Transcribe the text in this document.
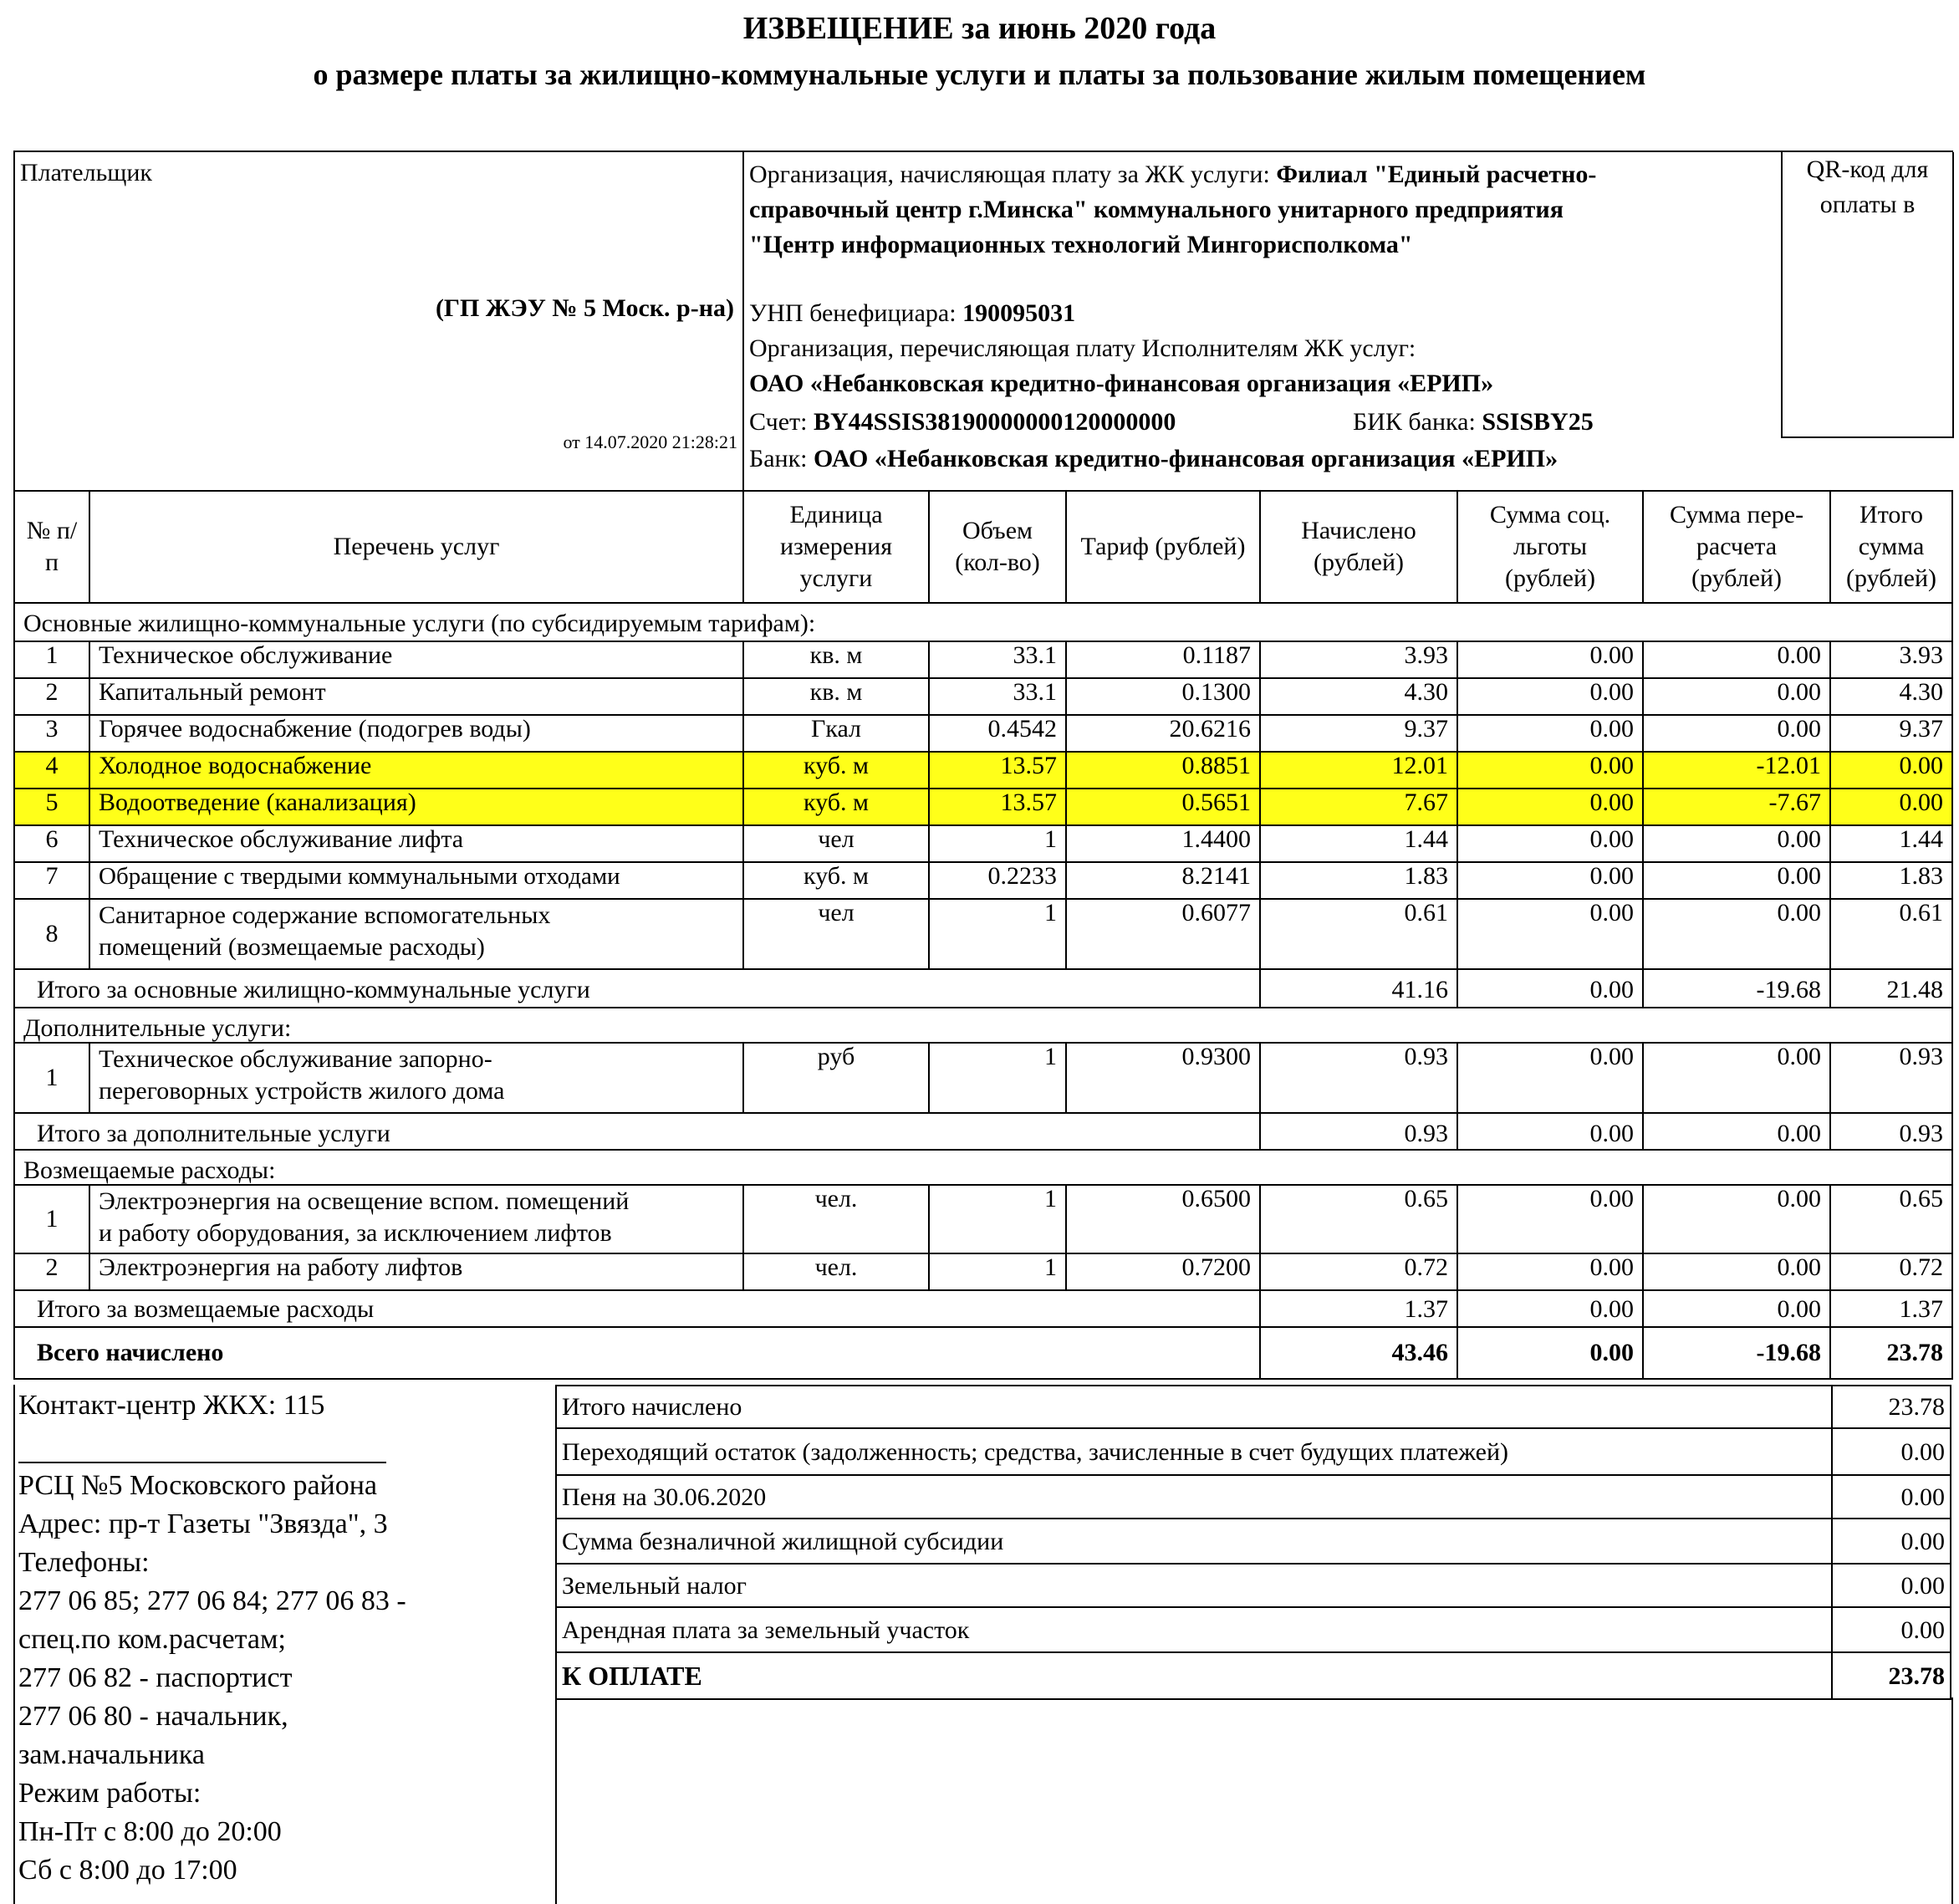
ИЗВЕЩЕНИЕ за июнь 2020 года
о размере платы за жилищно-коммунальные услуги и платы за пользование жилым помещением
Плательщик
(ГП ЖЭУ № 5 Моск. р-на)
от 14.07.2020 21:28:21
Организация, начисляющая плату за ЖК услуги: Филиал "Единый расчетно-
справочный центр г.Минска" коммунального унитарного предприятия
"Центр информационных технологий Мингорисполкома"
УНП бенефициара: 190095031
Организация, перечисляющая плату Исполнителям ЖК услуг:
ОАО «Небанковская кредитно-финансовая организация «ЕРИП»
Счет: BY44SSIS38190000000120000000	БИК банка: SSISBY25
Банк: ОАО «Небанковская кредитно-финансовая организация «ЕРИП»
QR-код для
оплаты в
№ п/п	Перечень услуг	Единица измерения услуги	Объем (кол-во)	Тариф (рублей)	Начислено (рублей)	Сумма соц. льготы (рублей)	Сумма пере-расчета (рублей)	Итого сумма (рублей)
Основные жилищно-коммунальные услуги (по субсидируемым тарифам):								
1	Техническое обслуживание	кв. м	33.1	0.1187	3.93	0.00	0.00	3.93
2	Капитальный ремонт	кв. м	33.1	0.1300	4.30	0.00	0.00	4.30
3	Горячее водоснабжение (подогрев воды)	Гкал	0.4542	20.6216	9.37	0.00	0.00	9.37
4	Холодное водоснабжение	куб. м	13.57	0.8851	12.01	0.00	-12.01	0.00
5	Водоотведение (канализация)	куб. м	13.57	0.5651	7.67	0.00	-7.67	0.00
6	Техническое обслуживание лифта	чел	1	1.4400	1.44	0.00	0.00	1.44
7	Обращение с твердыми коммунальными отходами	куб. м	0.2233	8.2141	1.83	0.00	0.00	1.83
8	Санитарное содержание вспомогательных
помещений (возмещаемые расходы)	чел	1	0.6077	0.61	0.00	0.00	0.61
Итого за основные жилищно-коммунальные услуги					41.16	0.00	-19.68	21.48
Дополнительные услуги:								
1	Техническое обслуживание запорно-
переговорных устройств жилого дома	руб	1	0.9300	0.93	0.00	0.00	0.93
Итого за дополнительные услуги					0.93	0.00	0.00	0.93
Возмещаемые расходы:								
1	Электроэнергия на освещение вспом. помещений
и работу оборудования, за исключением лифтов	чел.	1	0.6500	0.65	0.00	0.00	0.65
2	Электроэнергия на работу лифтов	чел.	1	0.7200	0.72	0.00	0.00	0.72
Итого за возмещаемые расходы					1.37	0.00	0.00	1.37
Всего начислено					43.46	0.00	-19.68	23.78
Контакт-центр ЖКХ: 115
РСЦ №5 Московского района
Адрес: пр-т Газеты "Звязда", 3
Телефоны:
277 06 85; 277 06 84; 277 06 83 -
спец.по ком.расчетам;
277 06 82 - паспортист
277 06 80 - начальник,
зам.начальника
Режим работы:
Пн-Пт с 8:00 до 20:00
Сб с 8:00 до 17:00
Итого начислено	23.78
Переходящий остаток (задолженность; средства, зачисленные в счет будущих платежей)	0.00
Пеня на 30.06.2020	0.00
Сумма безналичной жилищной субсидии	0.00
Земельный налог	0.00
Арендная плата за земельный участок	0.00
К ОПЛАТЕ	23.78
